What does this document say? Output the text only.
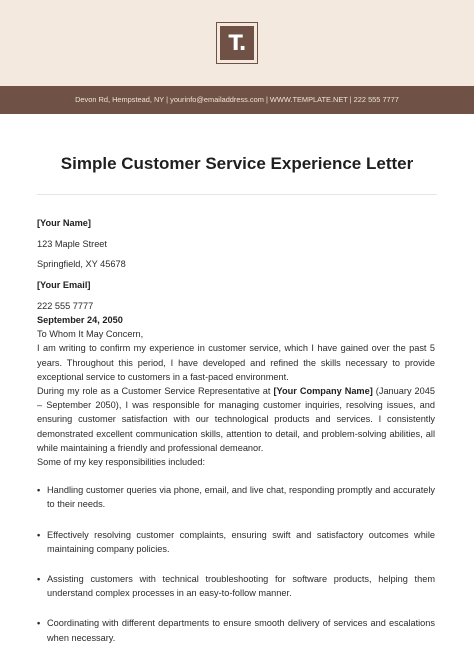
T.
Devon Rd, Hempstead, NY | yourinfo@emailaddress.com | WWW.TEMPLATE.NET | 222 555 7777
Simple Customer Service Experience Letter

[Your Name]

123 Maple Street

Springfield, XY 45678

[Your Email]

222 555 7777

September 24, 2050

To Whom It May Concern,

I am writing to confirm my experience in customer service, which I have gained over the past 5 years. Throughout this period, I have developed and refined the skills necessary to provide exceptional service to customers in a fast-paced environment.

During my role as a Customer Service Representative at [Your Company Name] (January 2045 – September 2050), I was responsible for managing customer inquiries, resolving issues, and ensuring customer satisfaction with our technological products and services. I consistently demonstrated excellent communication skills, attention to detail, and problem-solving abilities, all while maintaining a friendly and professional demeanor.

Some of my key responsibilities included:

• Handling customer queries via phone, email, and live chat, responding promptly and accurately to their needs.
• Effectively resolving customer complaints, ensuring swift and satisfactory outcomes while maintaining company policies.
• Assisting customers with technical troubleshooting for software products, helping them understand complex processes in an easy-to-follow manner.
• Coordinating with different departments to ensure smooth delivery of services and escalations when necessary.
